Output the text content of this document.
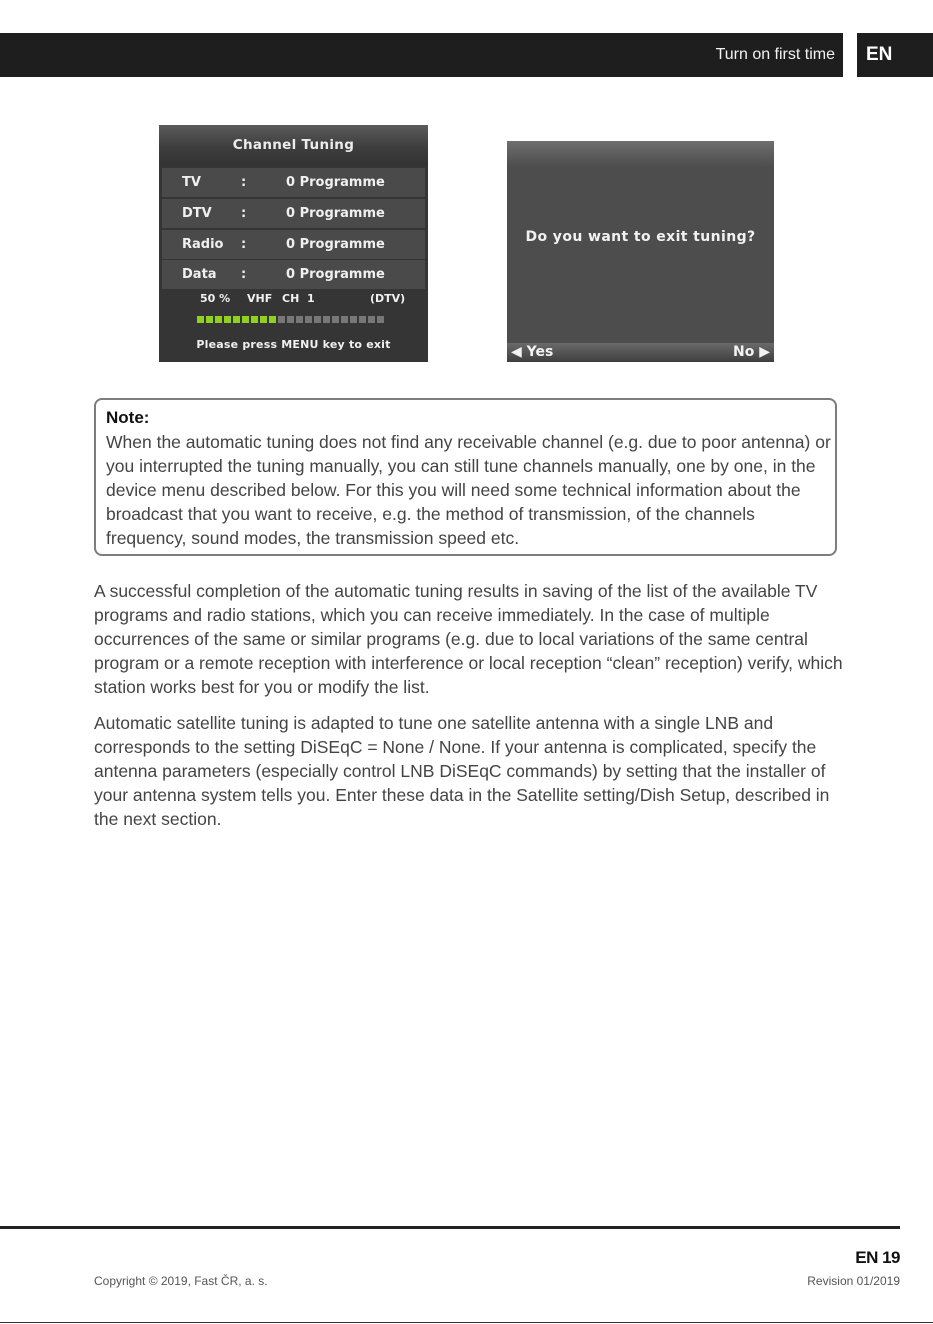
Turn on first time EN
Channel Tuning
TV	:	0 Programme
DTV :	0 Programme
Radio :	0 Programme
Data :	0 Programme
50 % VHF CH  1	(DTV)
Please press MENU key to exit
Do you want to exit tuning?
◀ Yes	No ▶
Note:
When the automatic tuning does not find any receivable channel (e.g. due to poor antenna) or you interrupted the tuning manually, you can still tune channels manually, one by one, in the device menu described below. For this you will need some technical information about the broadcast that you want to receive, e.g. the method of transmission, of the channels frequency, sound modes, the transmission speed etc.
A successful completion of the automatic tuning results in saving of the list of the available TV programs and radio stations, which you can receive immediately. In the case of multiple occurrences of the same or similar programs (e.g. due to local variations of the same central program or a remote reception with interference or local reception “clean” reception) verify, which station works best for you or modify the list.
Automatic satellite tuning is adapted to tune one satellite antenna with a single LNB and corresponds to the setting DiSEqC = None / None. If your antenna is complicated, specify the antenna parameters (especially control LNB DiSEqC commands) by setting that the installer of your antenna system tells you. Enter these data in the Satellite setting/Dish Setup, described in the next section.
EN 19
Copyright © 2019, Fast ČR, a. s.	Revision 01/2019
